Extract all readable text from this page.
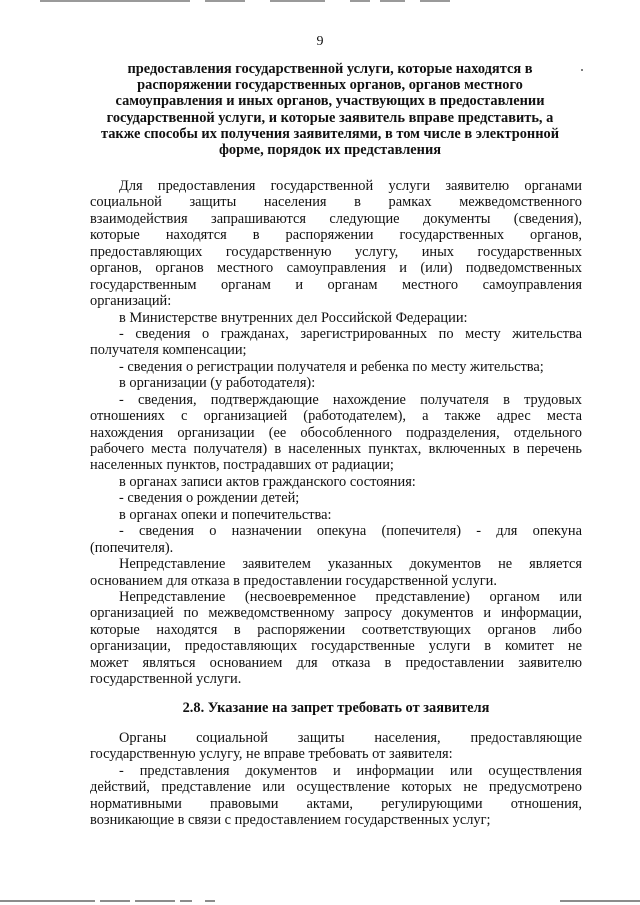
9
предоставления государственной услуги, которые находятся в
распоряжении государственных органов, органов местного
самоуправления и иных органов, участвующих в предоставлении
государственной услуги, и которые заявитель вправе представить, а
также способы их получения заявителями, в том числе в электронной
форме, порядок их представления
Для предоставления государственной услуги заявителю органами
социальной защиты населения в рамках межведомственного
взаимодействия запрашиваются следующие документы (сведения),
которые находятся в распоряжении государственных органов,
предоставляющих государственную услугу, иных государственных
органов, органов местного самоуправления и (или) подведомственных
государственным органам и органам местного самоуправления
организаций:
в Министерстве внутренних дел Российской Федерации:
- сведения о гражданах, зарегистрированных по месту жительства
получателя компенсации;
- сведения о регистрации получателя и ребенка по месту жительства;
в организации (у работодателя):
- сведения, подтверждающие нахождение получателя в трудовых
отношениях с организацией (работодателем), а также адрес места
нахождения организации (ее обособленного подразделения, отдельного
рабочего места получателя) в населенных пунктах, включенных в перечень
населенных пунктов, пострадавших от радиации;
в органах записи актов гражданского состояния:
- сведения о рождении детей;
в органах опеки и попечительства:
- сведения о назначении опекуна (попечителя) - для опекуна
(попечителя).
Непредставление заявителем указанных документов не является
основанием для отказа в предоставлении государственной услуги.
Непредставление (несвоевременное представление) органом или
организацией по межведомственному запросу документов и информации,
которые находятся в распоряжении соответствующих органов либо
организации, предоставляющих государственные услуги в комитет не
может являться основанием для отказа в предоставлении заявителю
государственной услуги.
2.8. Указание на запрет требовать от заявителя
Органы социальной защиты населения, предоставляющие
государственную услугу, не вправе требовать от заявителя:
- представления документов и информации или осуществления
действий, представление или осуществление которых не предусмотрено
нормативными правовыми актами, регулирующими отношения,
возникающие в связи с предоставлением государственных услуг;
